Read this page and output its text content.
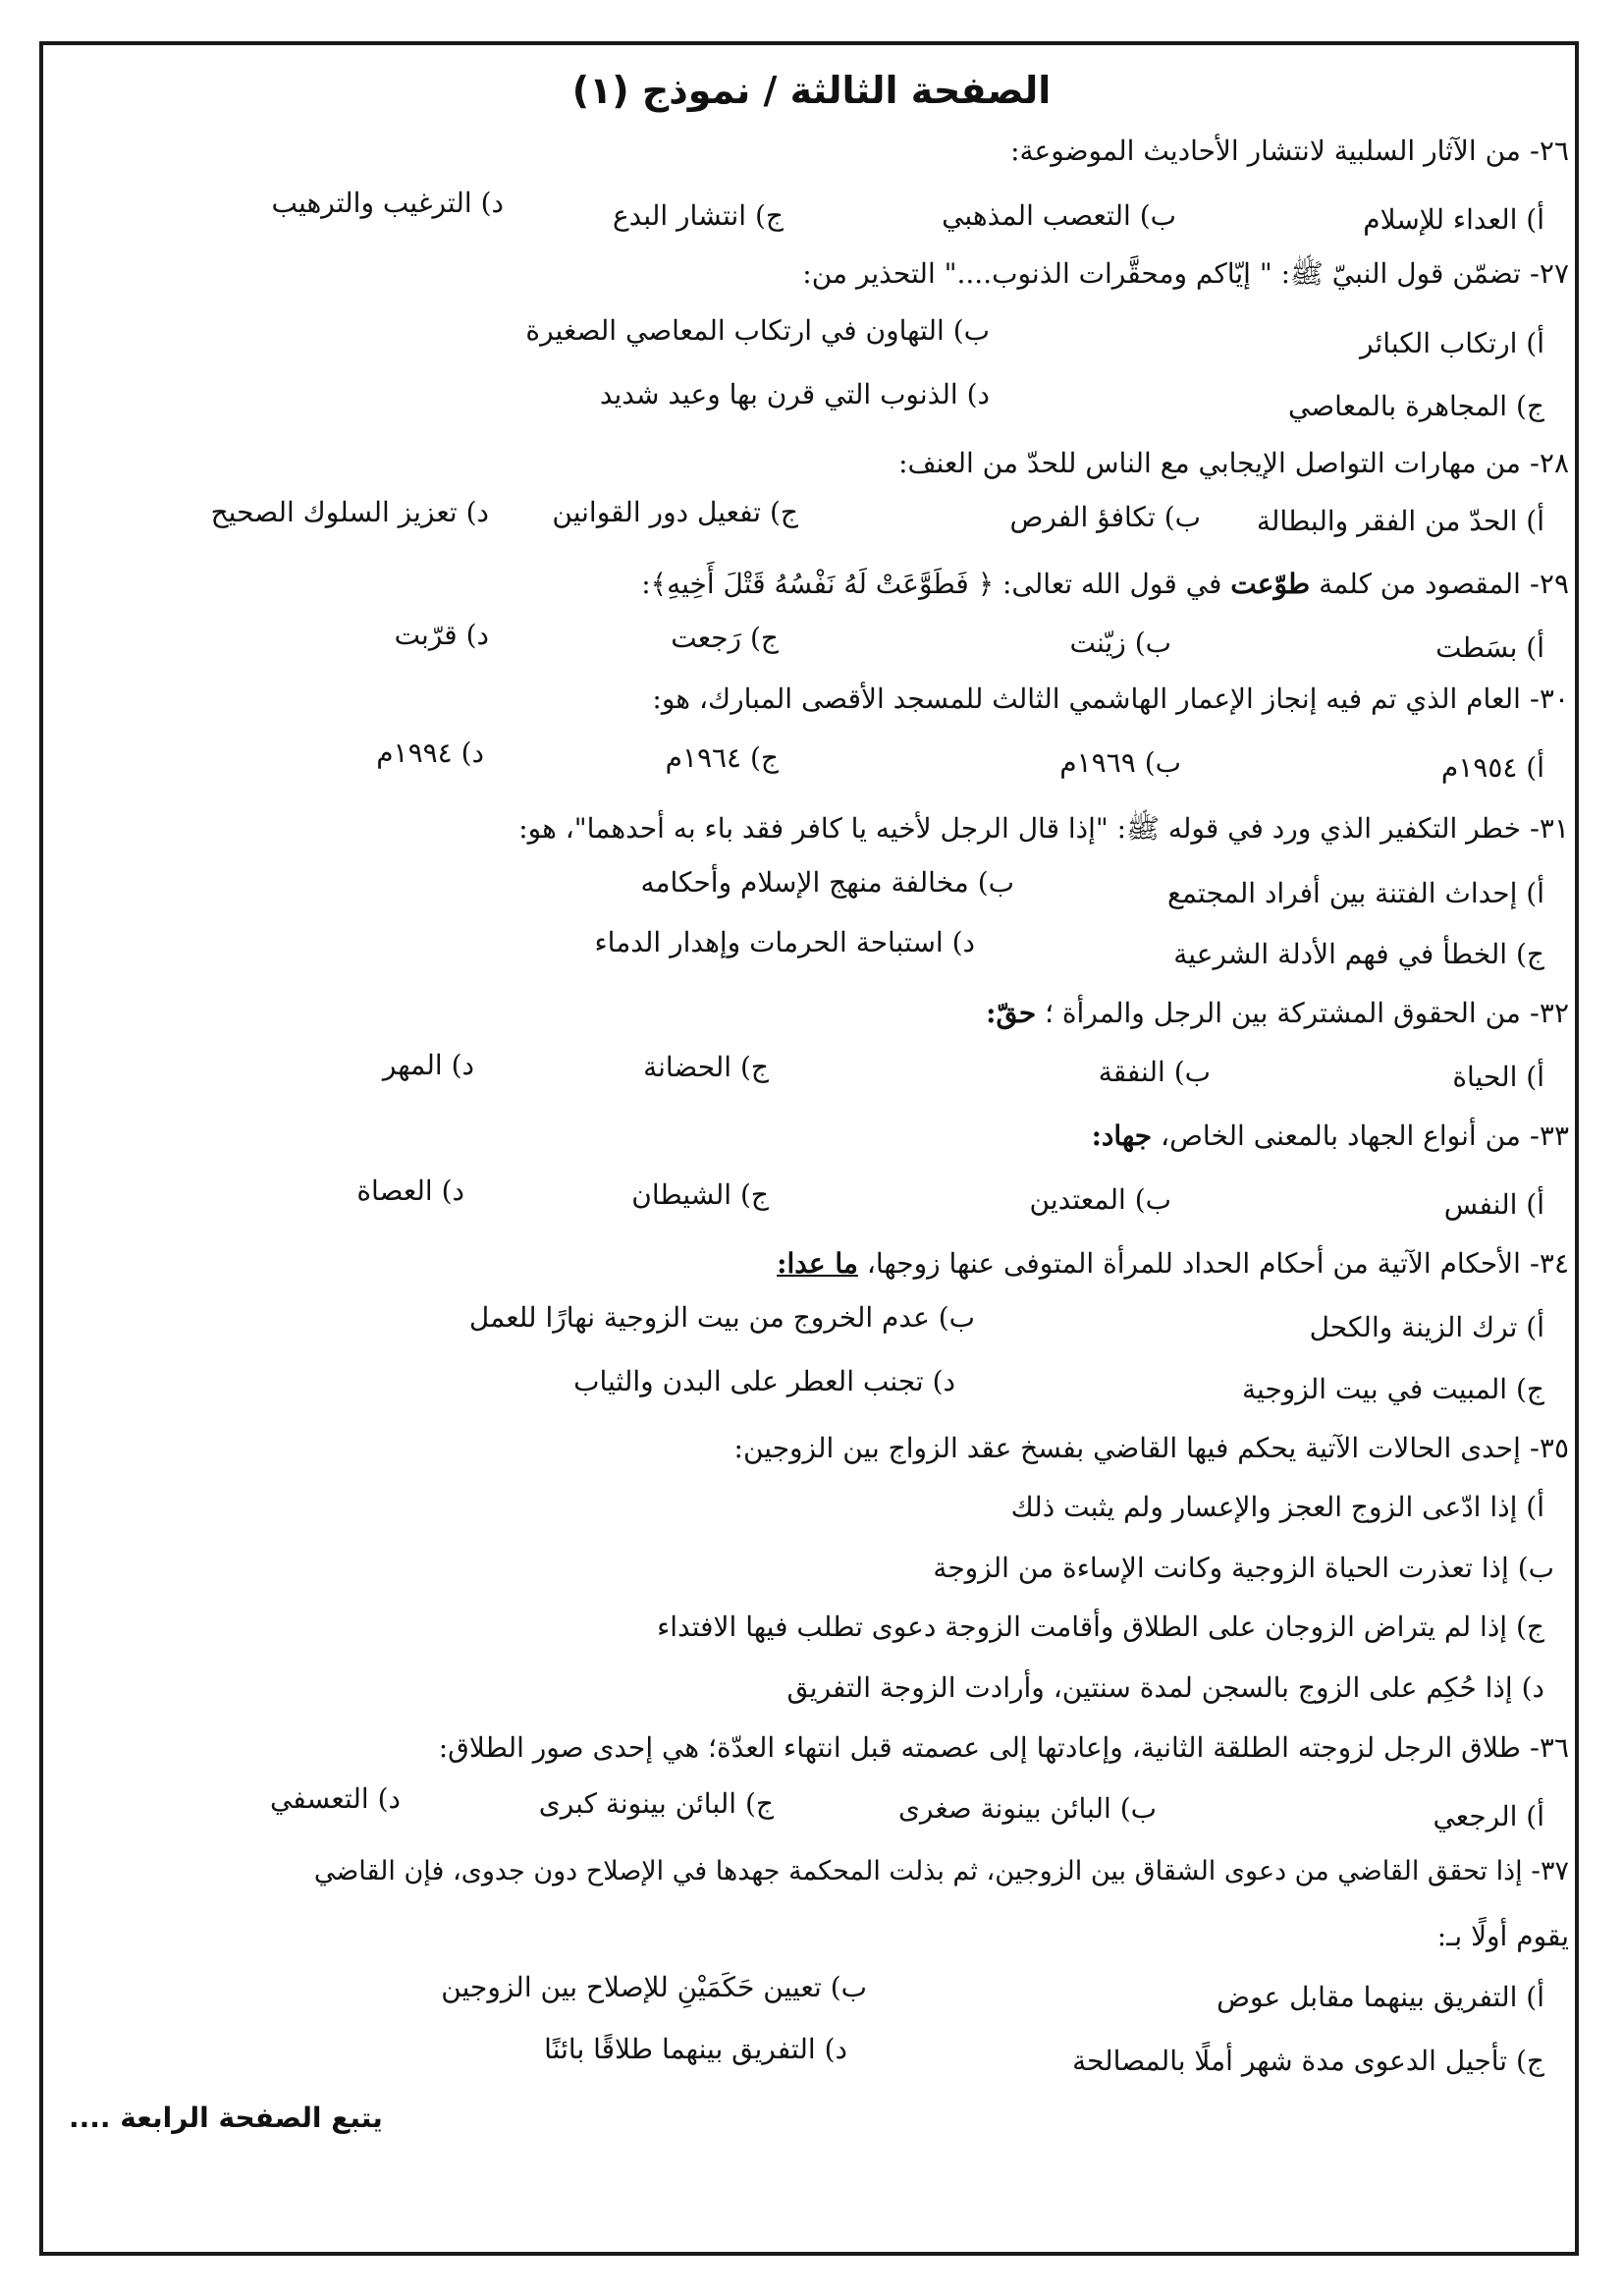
الصفحة الثالثة / نموذج (١)
٢٦- من الآثار السلبية لانتشار الأحاديث الموضوعة:
أ) العداء للإسلام
ب) التعصب المذهبي
ج) انتشار البدع
د) الترغيب والترهيب
٢٧- تضمّن قول النبيّ ﷺ: " إيّاكم ومحقَّرات الذنوب...." التحذير من:
أ) ارتكاب الكبائر
ب) التهاون في ارتكاب المعاصي الصغيرة
ج) المجاهرة بالمعاصي
د) الذنوب التي قرن بها وعيد شديد
٢٨- من مهارات التواصل الإيجابي مع الناس للحدّ من العنف:
أ) الحدّ من الفقر والبطالة
ب) تكافؤ الفرص
ج) تفعيل دور القوانين
د) تعزيز السلوك الصحيح
٢٩- المقصود من كلمة طوّعت في قول الله تعالى: ﴿ فَطَوَّعَتْ لَهُ نَفْسُهُ قَتْلَ أَخِيهِ﴾:
أ) بسَطت
ب) زيّنت
ج) رَجعت
د) قرّبت
٣٠- العام الذي تم فيه إنجاز الإعمار الهاشمي الثالث للمسجد الأقصى المبارك، هو:
أ) ١٩٥٤م
ب) ١٩٦٩م
ج) ١٩٦٤م
د) ١٩٩٤م
٣١- خطر التكفير الذي ورد في قوله ﷺ: "إذا قال الرجل لأخيه يا كافر فقد باء به أحدهما"، هو:
أ) إحداث الفتنة بين أفراد المجتمع
ب) مخالفة منهج الإسلام وأحكامه
ج) الخطأ في فهم الأدلة الشرعية
د) استباحة الحرمات وإهدار الدماء
٣٢- من الحقوق المشتركة بين الرجل والمرأة ؛ حقّ:
أ) الحياة
ب) النفقة
ج) الحضانة
د) المهر
٣٣- من أنواع الجهاد بالمعنى الخاص، جهاد:
أ) النفس
ب) المعتدين
ج) الشيطان
د) العصاة
٣٤- الأحكام الآتية من أحكام الحداد للمرأة المتوفى عنها زوجها، ما عدا:
أ) ترك الزينة والكحل
ب) عدم الخروج من بيت الزوجية نهارًا للعمل
ج) المبيت في بيت الزوجية
د) تجنب العطر على البدن والثياب
٣٥- إحدى الحالات الآتية يحكم فيها القاضي بفسخ عقد الزواج بين الزوجين:
أ) إذا ادّعى الزوج العجز والإعسار ولم يثبت ذلك
ب) إذا تعذرت الحياة الزوجية وكانت الإساءة من الزوجة
ج) إذا لم يتراض الزوجان على الطلاق وأقامت الزوجة دعوى تطلب فيها الافتداء
د) إذا حُكِم على الزوج بالسجن لمدة سنتين، وأرادت الزوجة التفريق
٣٦- طلاق الرجل لزوجته الطلقة الثانية، وإعادتها إلى عصمته قبل انتهاء العدّة؛ هي إحدى صور الطلاق:
أ) الرجعي
ب) البائن بينونة صغرى
ج) البائن بينونة كبرى
د) التعسفي
٣٧- إذا تحقق القاضي من دعوى الشقاق بين الزوجين، ثم بذلت المحكمة جهدها في الإصلاح دون جدوى، فإن القاضي
يقوم أولًا بـ:
أ) التفريق بينهما مقابل عوض
ب) تعيين حَكَمَيْنِ للإصلاح بين الزوجين
ج) تأجيل الدعوى مدة شهر أملًا بالمصالحة
د) التفريق بينهما طلاقًا بائنًا
يتبع الصفحة الرابعة ....
